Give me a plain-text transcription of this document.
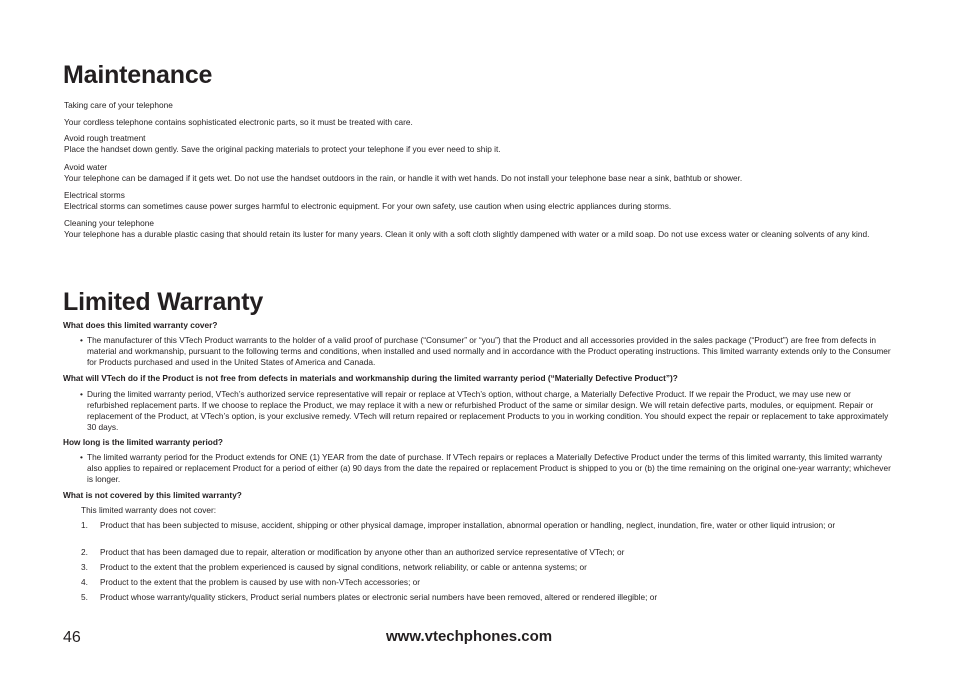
Maintenance
Taking care of your telephone
Your cordless telephone contains sophisticated electronic parts, so it must be treated with care.
Avoid rough treatment
Place the handset down gently. Save the original packing materials to protect your telephone if you ever need to ship it.
Avoid water
Your telephone can be damaged if it gets wet. Do not use the handset outdoors in the rain, or handle it with wet hands. Do not install your telephone base near a sink, bathtub or shower.
Electrical storms
Electrical storms can sometimes cause power surges harmful to electronic equipment. For your own safety, use caution when using electric appliances during storms.
Cleaning your telephone
Your telephone has a durable plastic casing that should retain its luster for many years. Clean it only with a soft cloth slightly dampened with water or a mild soap. Do not use excess water or cleaning solvents of any kind.
Limited Warranty
What does this limited warranty cover?
• The manufacturer of this VTech Product warrants to the holder of a valid proof of purchase (“Consumer” or “you”) that the Product and all accessories provided in the sales package (“Product”) are free from defects in material and workmanship, pursuant to the following terms and conditions, when installed and used normally and in accordance with the Product operating instructions. This limited warranty extends only to the Consumer for Products purchased and used in the United States of America and Canada.
What will VTech do if the Product is not free from defects in materials and workmanship during the limited warranty period (“Materially Defective Product”)?
• During the limited warranty period, VTech’s authorized service representative will repair or replace at VTech’s option, without charge, a Materially Defective Product. If we repair the Product, we may use new or refurbished replacement parts. If we choose to replace the Product, we may replace it with a new or refurbished Product of the same or similar design. We will retain defective parts, modules, or equipment. Repair or replacement of the Product, at VTech’s option, is your exclusive remedy. VTech will return repaired or replacement Products to you in working condition. You should expect the repair or replacement to take approximately 30 days.
How long is the limited warranty period?
• The limited warranty period for the Product extends for ONE (1) YEAR from the date of purchase. If VTech repairs or replaces a Materially Defective Product under the terms of this limited warranty, this limited warranty also applies to repaired or replacement Product for a period of either (a) 90 days from the date the repaired or replacement Product is shipped to you or (b) the time remaining on the original one-year warranty; whichever is longer.
What is not covered by this limited warranty?
This limited warranty does not cover:
1.	Product that has been subjected to misuse, accident, shipping or other physical damage, improper installation, abnormal operation or handling, neglect, inundation, fire, water or other liquid intrusion; or
2.	Product that has been damaged due to repair, alteration or modification by anyone other than an authorized service representative of VTech; or
3.	Product to the extent that the problem experienced is caused by signal conditions, network reliability, or cable or antenna systems; or
4.	Product to the extent that the problem is caused by use with non-VTech accessories; or
5.	Product whose warranty/quality stickers, Product serial numbers plates or electronic serial numbers have been removed, altered or rendered illegible; or
46	www.vtechphones.com
